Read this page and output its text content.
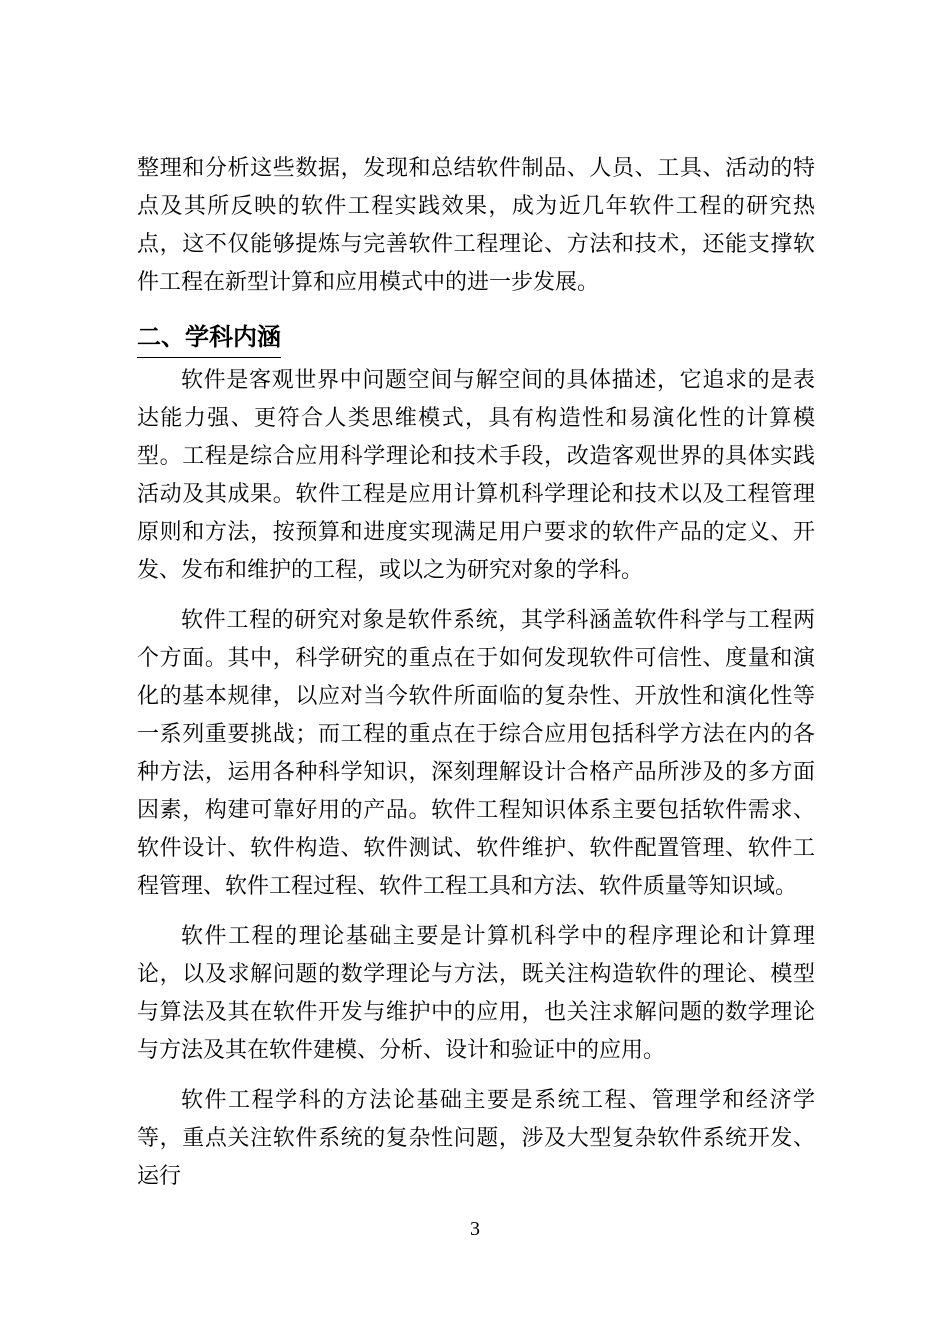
整理和分析这些数据，发现和总结软件制品、人员、工具、活动的特点及其所反映的软件工程实践效果，成为近几年软件工程的研究热点，这不仅能够提炼与完善软件工程理论、方法和技术，还能支撑软件工程在新型计算和应用模式中的进一步发展。

二、学科内涵

软件是客观世界中问题空间与解空间的具体描述，它追求的是表达能力强、更符合人类思维模式，具有构造性和易演化性的计算模型。工程是综合应用科学理论和技术手段，改造客观世界的具体实践活动及其成果。软件工程是应用计算机科学理论和技术以及工程管理原则和方法，按预算和进度实现满足用户要求的软件产品的定义、开发、发布和维护的工程，或以之为研究对象的学科。

软件工程的研究对象是软件系统，其学科涵盖软件科学与工程两个方面。其中，科学研究的重点在于如何发现软件可信性、度量和演化的基本规律，以应对当今软件所面临的复杂性、开放性和演化性等一系列重要挑战；而工程的重点在于综合应用包括科学方法在内的各种方法，运用各种科学知识，深刻理解设计合格产品所涉及的多方面因素，构建可靠好用的产品。软件工程知识体系主要包括软件需求、软件设计、软件构造、软件测试、软件维护、软件配置管理、软件工程管理、软件工程过程、软件工程工具和方法、软件质量等知识域。

软件工程的理论基础主要是计算机科学中的程序理论和计算理论，以及求解问题的数学理论与方法，既关注构造软件的理论、模型与算法及其在软件开发与维护中的应用，也关注求解问题的数学理论与方法及其在软件建模、分析、设计和验证中的应用。

软件工程学科的方法论基础主要是系统工程、管理学和经济学等，重点关注软件系统的复杂性问题，涉及大型复杂软件系统开发、运行

3
